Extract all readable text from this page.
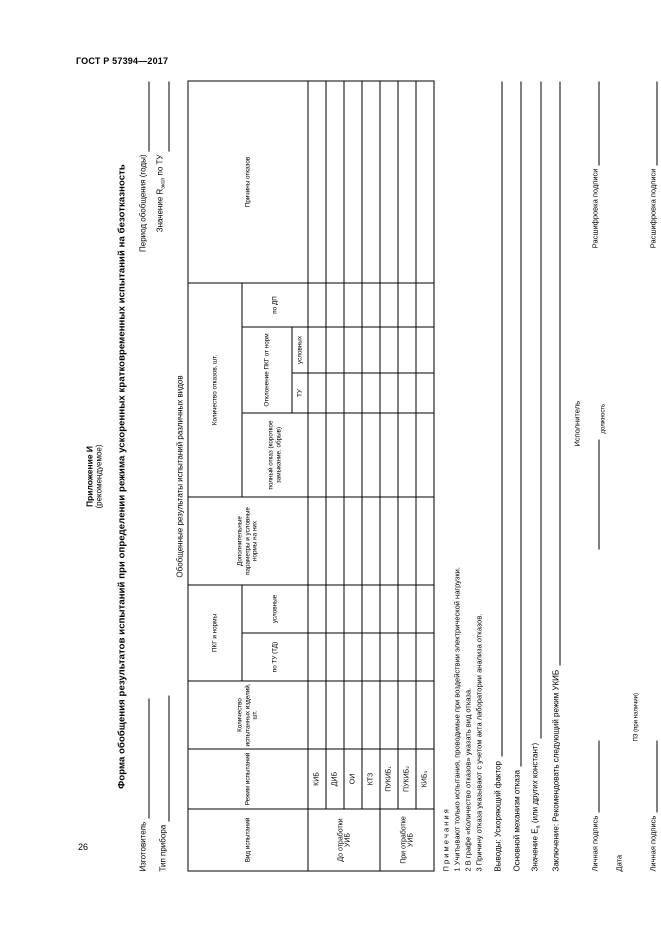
ГОСТ Р 57394—2017
26
Приложение И (рекомендуемое) Форма обобщения результатов испытаний при определении режима ускоренных кратковременных испытаний на безотказность
Изготовитель
Период обобщения (годы)
Тип прибора
Значение $R_{эксп}$ по ТУ
Обобщенные результаты испытаний различных видов
Вид испытаний	Режим испытаний	Количество испытанных изделий, шт.	ПКГ и нормы		Дополнительные параметры и условные нормы на них	Количество отказов, шт.				Причины отказов
			по ТУ (ТД)	условные		полный отказ (короткое замыкание, обрыв)	Отклонение ПКГ от норм		по ДП	
							ТУ	условных		
До отработки УИБ	КИБ									
	ДИБ									
	ОИ									
	КТЗ									
При отработке УИБ	ПУКИБ₁									
	ПУКИБ₂									
	КИБ₃									
П р и м е ч а н и я 1 Учитывают только испытания, проводимые при воздействии электрической нагрузки. 2 В графе «Количество отказов» указать вид отказа. 3 Причину отказа указывают с учетом акта лаборатории анализа отказов. Выводы: Ускоряющий фактор Основной механизм отказа Значение $Е_а$ (или других констант) Заключение: Рекомендовать следующий режим УКИБ
Исполнитель
Личная подпись
Расшифровка подписи
должность
Дата
ПЗ (при наличии)
Личная подпись
Расшифровка подписи
